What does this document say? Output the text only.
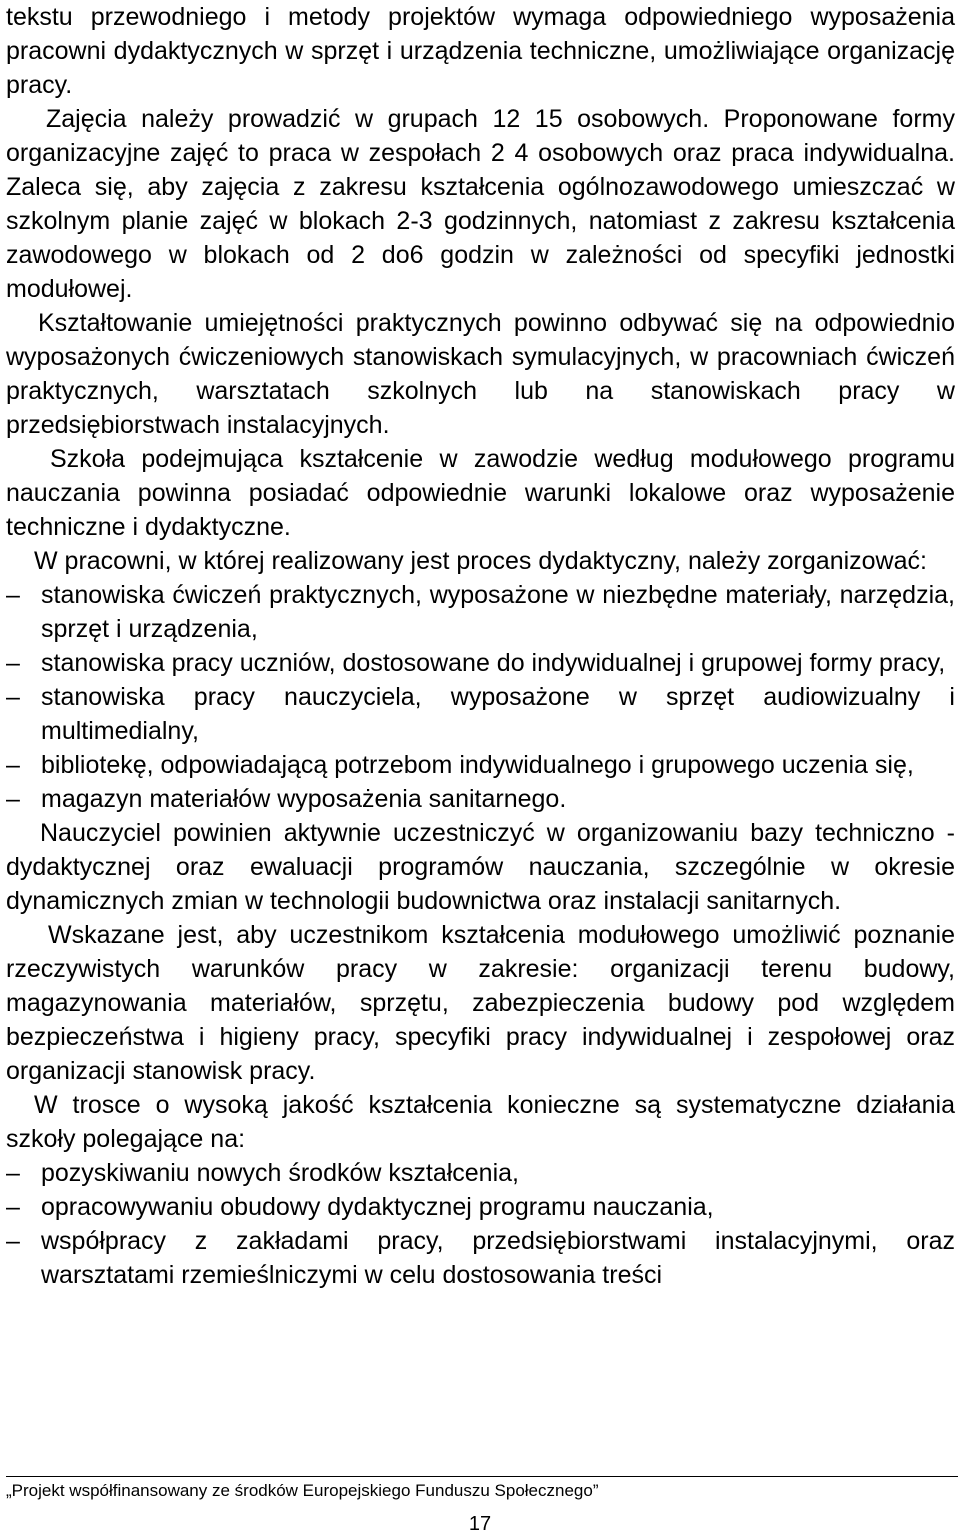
tekstu przewodniego i metody projektów wymaga odpowiedniego wyposażenia pracowni dydaktycznych w sprzęt i urządzenia techniczne, umożliwiające organizację pracy.

Zajęcia należy prowadzić w grupach 12 15 osobowych. Proponowane formy organizacyjne zajęć to praca w zespołach 2 4 osobowych oraz praca indywidualna. Zaleca się, aby zajęcia z zakresu kształcenia ogólnozawodowego umieszczać w szkolnym planie zajęć w blokach 2-3 godzinnych, natomiast z zakresu kształcenia zawodowego w blokach od 2 do6 godzin w zależności od specyfiki jednostki modułowej.

Kształtowanie umiejętności praktycznych powinno odbywać się na odpowiednio wyposażonych ćwiczeniowych stanowiskach symulacyjnych, w pracowniach ćwiczeń praktycznych, warsztatach szkolnych lub na stanowiskach pracy w przedsiębiorstwach instalacyjnych.

Szkoła podejmująca kształcenie w zawodzie według modułowego programu nauczania powinna posiadać odpowiednie warunki lokalowe oraz wyposażenie techniczne i dydaktyczne.

W pracowni, w której realizowany jest proces dydaktyczny, należy zorganizować:

– stanowiska ćwiczeń praktycznych, wyposażone w niezbędne materiały, narzędzia, sprzęt i urządzenia,
– stanowiska pracy uczniów, dostosowane do indywidualnej i grupowej formy pracy,
– stanowiska pracy nauczyciela, wyposażone w sprzęt audiowizualny i multimedialny,
– bibliotekę, odpowiadającą potrzebom indywidualnego i grupowego uczenia się,
– magazyn materiałów wyposażenia sanitarnego.

Nauczyciel powinien aktywnie uczestniczyć w organizowaniu bazy techniczno - dydaktycznej oraz ewaluacji programów nauczania, szczególnie w okresie dynamicznych zmian w technologii budownictwa oraz instalacji sanitarnych.

Wskazane jest, aby uczestnikom kształcenia modułowego umożliwić poznanie rzeczywistych warunków pracy w zakresie: organizacji terenu budowy, magazynowania materiałów, sprzętu, zabezpieczenia budowy pod względem bezpieczeństwa i higieny pracy, specyfiki pracy indywidualnej i zespołowej oraz organizacji stanowisk pracy.

W trosce o wysoką jakość kształcenia konieczne są systematyczne działania szkoły polegające na:

– pozyskiwaniu nowych środków kształcenia,
– opracowywaniu obudowy dydaktycznej programu nauczania,
– współpracy z zakładami pracy, przedsiębiorstwami instalacyjnymi, oraz warsztatami rzemieślniczymi w celu dostosowania treści
„Projekt współfinansowany ze środków Europejskiego Funduszu Społecznego”
17
